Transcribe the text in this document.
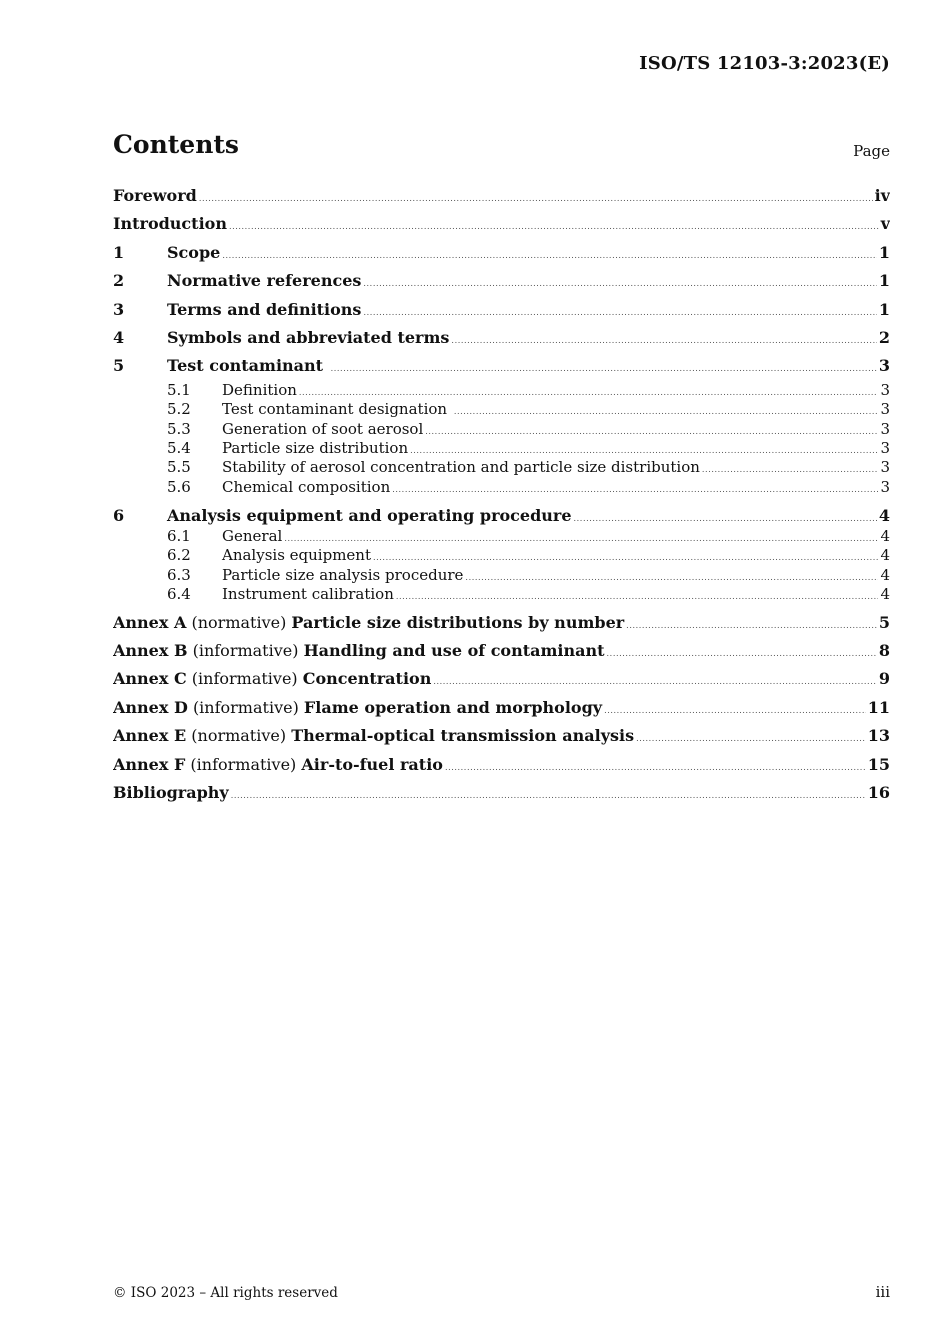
ISO/TS 12103-3:2023(E)
Contents	Page
Foreword .....	iv
Introduction .....	v
1	Scope .....	1
2	Normative references .....	1
3	Terms and definitions .....	1
4	Symbols and abbreviated terms .....	2
5	Test contaminant .....	3
5.1	Definition .....	3
5.2	Test contaminant designation .....	3
5.3	Generation of soot aerosol .....	3
5.4	Particle size distribution .....	3
5.5	Stability of aerosol concentration and particle size distribution .....	3
5.6	Chemical composition .....	3
6	Analysis equipment and operating procedure .....	4
6.1	General .....	4
6.2	Analysis equipment .....	4
6.3	Particle size analysis procedure .....	4
6.4	Instrument calibration .....	4
Annex A (normative) Particle size distributions by number .....	5
Annex B (informative) Handling and use of contaminant .....	8
Annex C (informative) Concentration .....	9
Annex D (informative) Flame operation and morphology .....	11
Annex E (normative) Thermal-optical transmission analysis .....	13
Annex F (informative) Air-to-fuel ratio .....	15
Bibliography .....	16
© ISO 2023 – All rights reserved	iii
